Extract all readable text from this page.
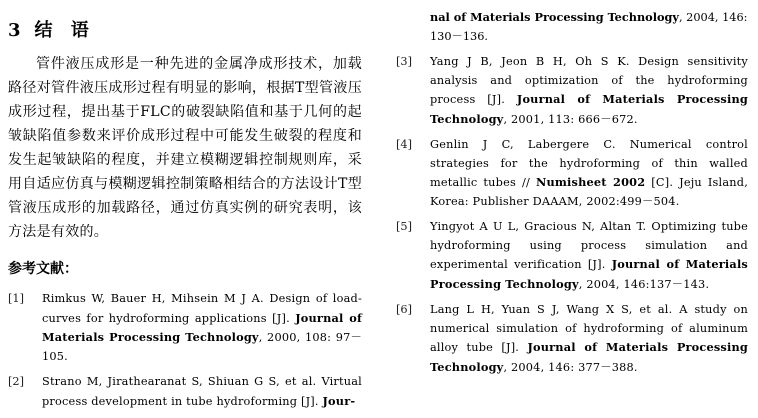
3 结 语

管件液压成形是一种先进的金属净成形技术，加载路径对管件液压成形过程有明显的影响，根据T型管液压成形过程，提出基于FLC的破裂缺陷值和基于几何的起皱缺陷值参数来评价成形过程中可能发生破裂的程度和发生起皱缺陷的程度，并建立模糊逻辑控制规则库，采用自适应仿真与模糊逻辑控制策略相结合的方法设计T型管液压成形的加载路径，通过仿真实例的研究表明，该方法是有效的。

参考文献：
[1]	Rimkus W, Bauer H, Mihsein M J A. Design of load-curves for hydroforming applications [J]. Journal of Materials Processing Technology, 2000, 108: 97－105.
[2]	Strano M, Jirathearanat S, Shiuan G S, et al. Virtual process development in tube hydroforming [J]. Jour-
nal of Materials Processing Technology, 2004, 146: 130－136.
[3]	Yang J B, Jeon B H, Oh S K. Design sensitivity analysis and optimization of the hydroforming process [J]. Journal of Materials Processing Technology, 2001, 113: 666－672.
[4]	Genlin J C, Labergere C. Numerical control strategies for the hydroforming of thin walled metallic tubes // Numisheet 2002 [C]. Jeju Island, Korea: Publisher DAAAM, 2002:499－504.
[5]	Yingyot A U L, Gracious N, Altan T. Optimizing tube hydroforming using process simulation and experimental verification [J]. Journal of Materials Processing Technology, 2004, 146:137－143.
[6]	Lang L H, Yuan S J, Wang X S, et al. A study on numerical simulation of hydroforming of aluminum alloy tube [J]. Journal of Materials Processing Technology, 2004, 146: 377－388.
